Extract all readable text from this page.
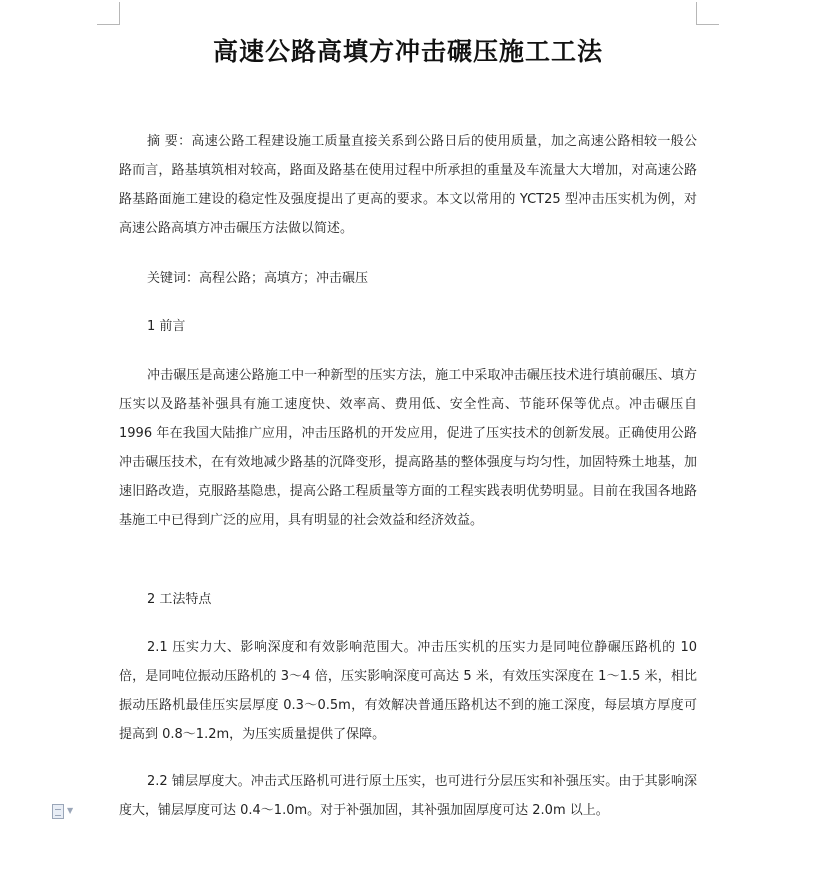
高速公路高填方冲击碾压施工工法

摘 要：高速公路工程建设施工质量直接关系到公路日后的使用质量，加之高速公路相较一般公路而言，路基填筑相对较高，路面及路基在使用过程中所承担的重量及车流量大大增加，对高速公路路基路面施工建设的稳定性及强度提出了更高的要求。本文以常用的 YCT25 型冲击压实机为例，对高速公路高填方冲击碾压方法做以简述。

关键词：高程公路；高填方；冲击碾压

1 前言

冲击碾压是高速公路施工中一种新型的压实方法，施工中采取冲击碾压技术进行填前碾压、填方压实以及路基补强具有施工速度快、效率高、费用低、安全性高、节能环保等优点。冲击碾压自 1996 年在我国大陆推广应用，冲击压路机的开发应用，促进了压实技术的创新发展。正确使用公路冲击碾压技术，在有效地减少路基的沉降变形，提高路基的整体强度与均匀性，加固特殊土地基，加速旧路改造，克服路基隐患，提高公路工程质量等方面的工程实践表明优势明显。目前在我国各地路基施工中已得到广泛的应用，具有明显的社会效益和经济效益。

2 工法特点

2.1 压实力大、影响深度和有效影响范围大。冲击压实机的压实力是同吨位静碾压路机的 10 倍，是同吨位振动压路机的 3～4 倍，压实影响深度可高达 5 米，有效压实深度在 1～1.5 米，相比振动压路机最佳压实层厚度 0.3～0.5m，有效解决普通压路机达不到的施工深度，每层填方厚度可提高到 0.8～1.2m，为压实质量提供了保障。

2.2 铺层厚度大。冲击式压路机可进行原土压实，也可进行分层压实和补强压实。由于其影响深度大，铺层厚度可达 0.4～1.0m。对于补强加固，其补强加固厚度可达 2.0m 以上。

▼
